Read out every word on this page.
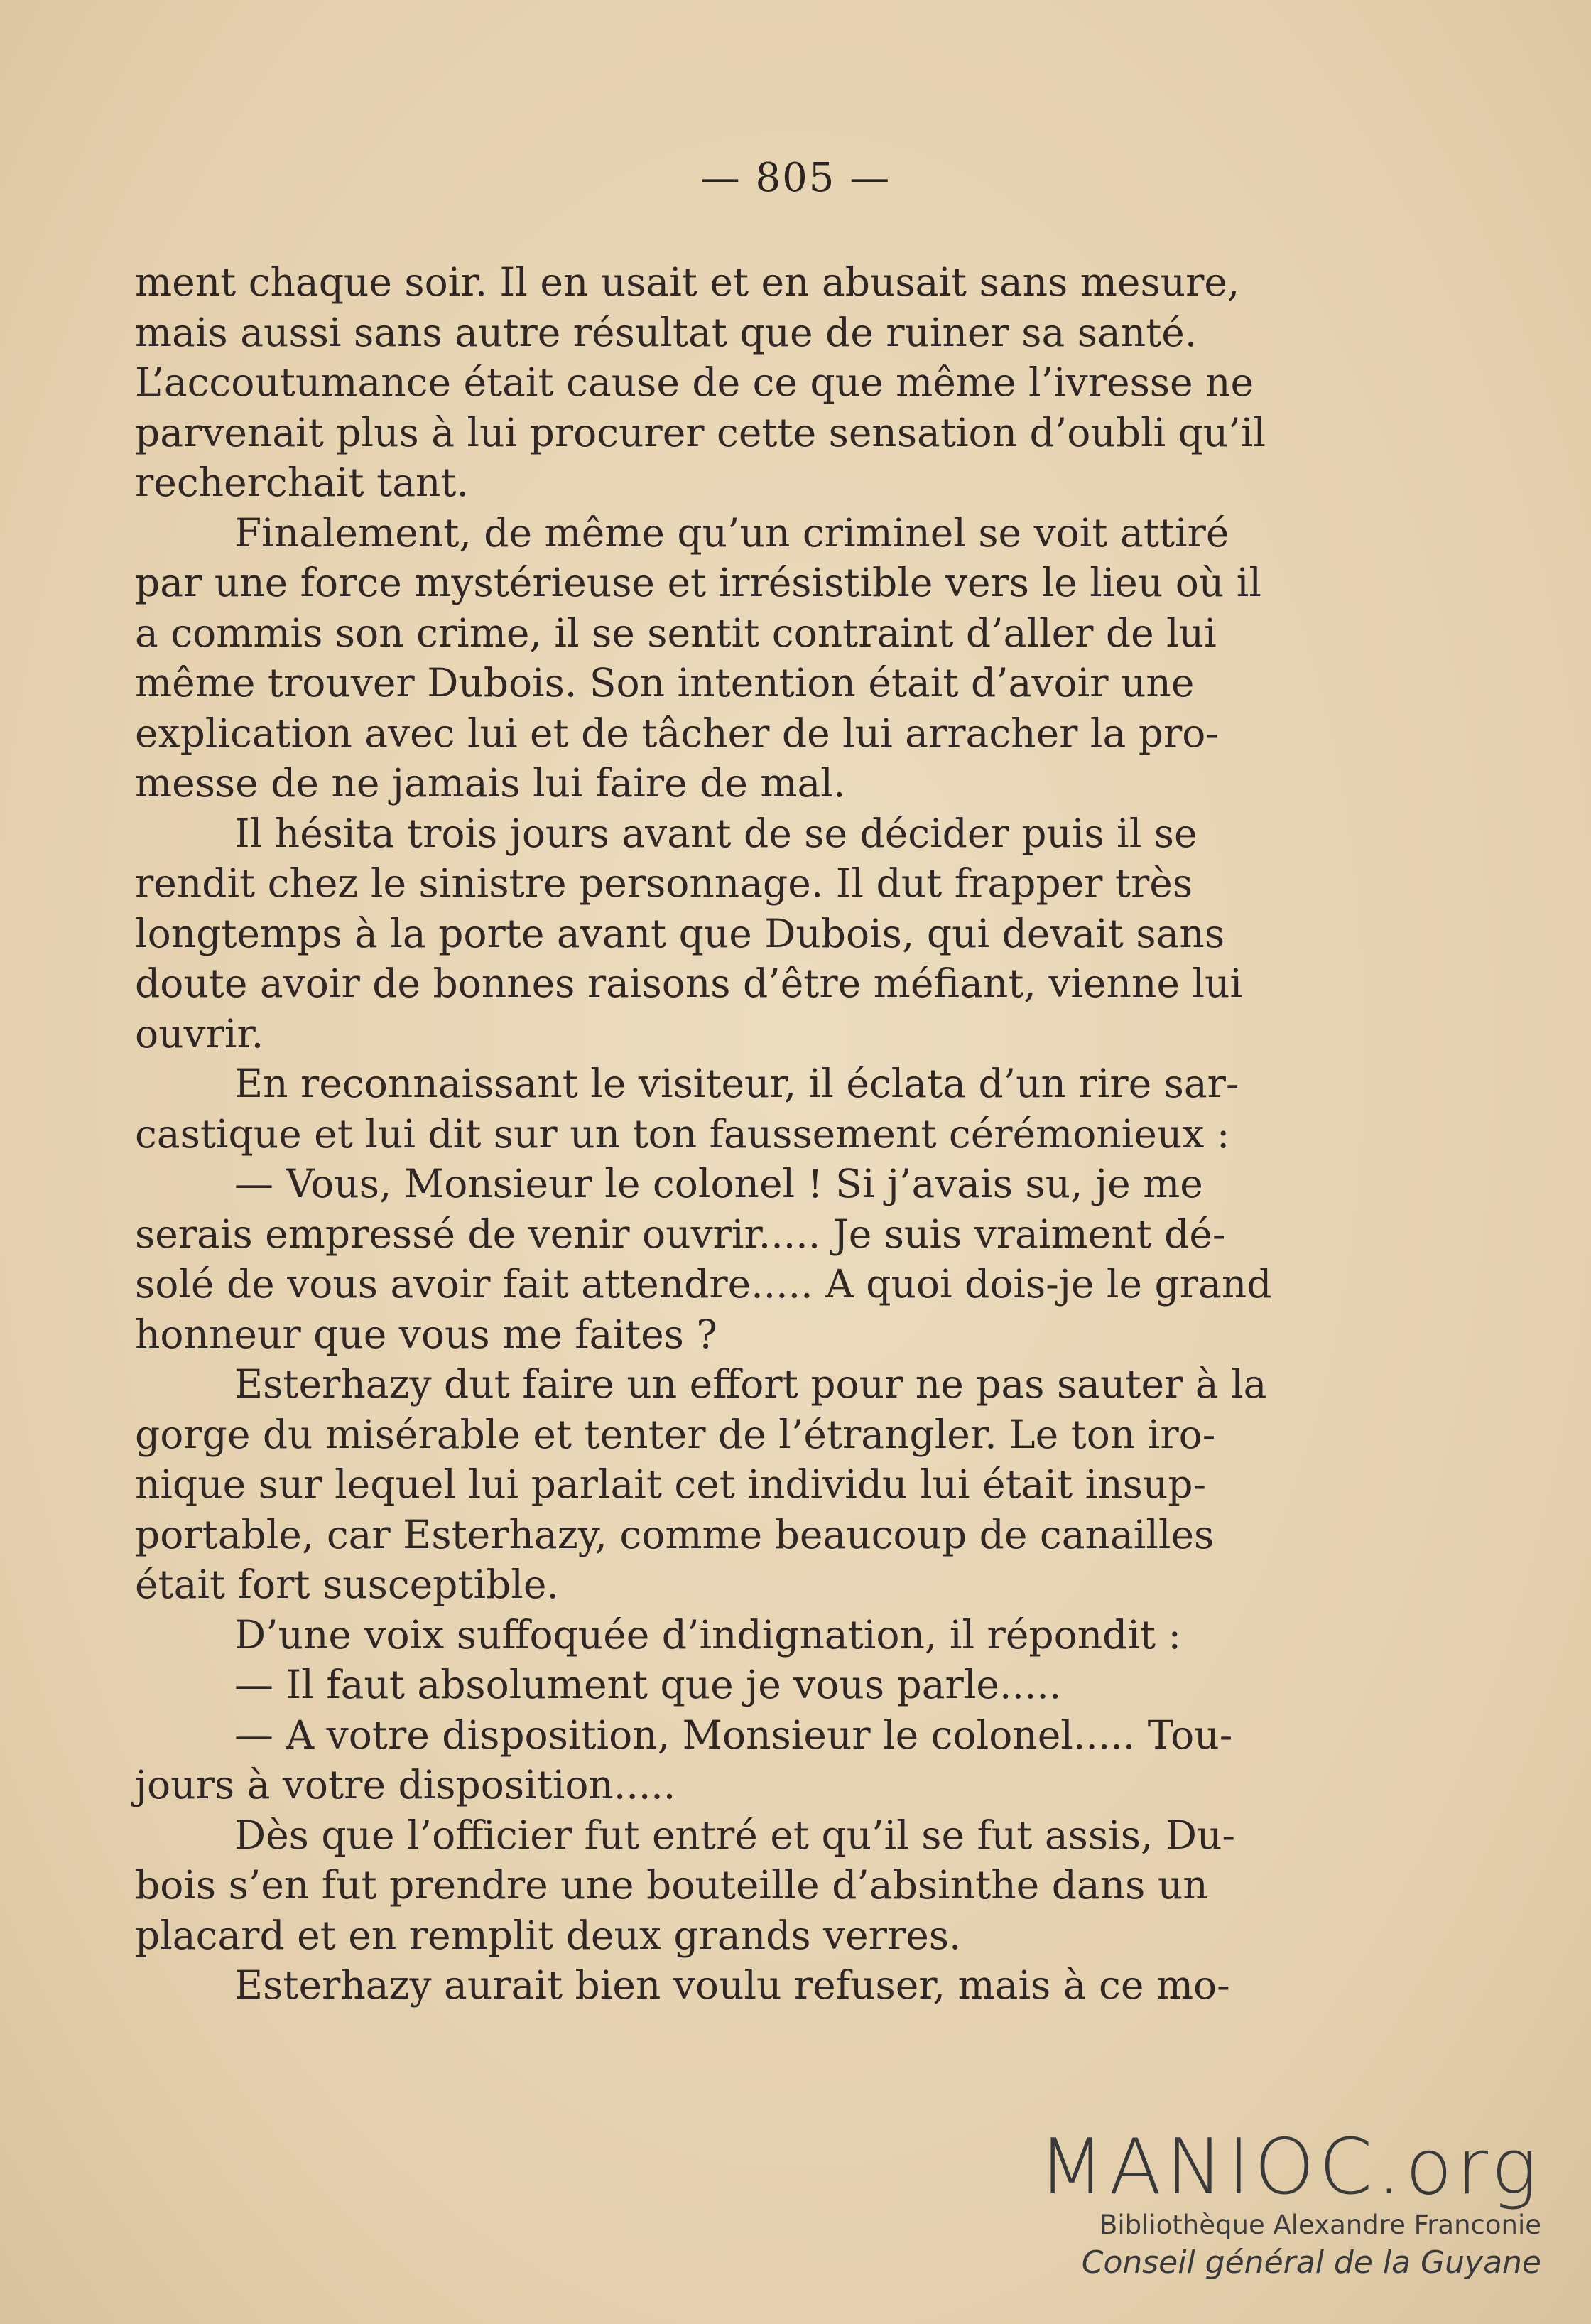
— 805 —
ment chaque soir. Il en usait et en abusait sans mesure,
mais aussi sans autre résultat que de ruiner sa santé.
L’accoutumance était cause de ce que même l’ivresse ne
parvenait plus à lui procurer cette sensation d’oubli qu’il
recherchait tant.
Finalement, de même qu’un criminel se voit attiré
par une force mystérieuse et irrésistible vers le lieu où il
a commis son crime, il se sentit contraint d’aller de lui
même trouver Dubois. Son intention était d’avoir une
explication avec lui et de tâcher de lui arracher la pro-
messe de ne jamais lui faire de mal.
Il hésita trois jours avant de se décider puis il se
rendit chez le sinistre personnage. Il dut frapper très
longtemps à la porte avant que Dubois, qui devait sans
doute avoir de bonnes raisons d’être méfiant, vienne lui
ouvrir.
En reconnaissant le visiteur, il éclata d’un rire sar-
castique et lui dit sur un ton faussement cérémonieux :
— Vous, Monsieur le colonel ! Si j’avais su, je me
serais empressé de venir ouvrir..... Je suis vraiment dé-
solé de vous avoir fait attendre..... A quoi dois-je le grand
honneur que vous me faites ?
Esterhazy dut faire un effort pour ne pas sauter à la
gorge du misérable et tenter de l’étrangler. Le ton iro-
nique sur lequel lui parlait cet individu lui était insup-
portable, car Esterhazy, comme beaucoup de canailles
était fort susceptible.
D’une voix suffoquée d’indignation, il répondit :
— Il faut absolument que je vous parle.....
— A votre disposition, Monsieur le colonel..... Tou-
jours à votre disposition.....
Dès que l’officier fut entré et qu’il se fut assis, Du-
bois s’en fut prendre une bouteille d’absinthe dans un
placard et en remplit deux grands verres.
Esterhazy aurait bien voulu refuser, mais à ce mo-
MANIOC.org
Bibliothèque Alexandre Franconie
Conseil général de la Guyane
